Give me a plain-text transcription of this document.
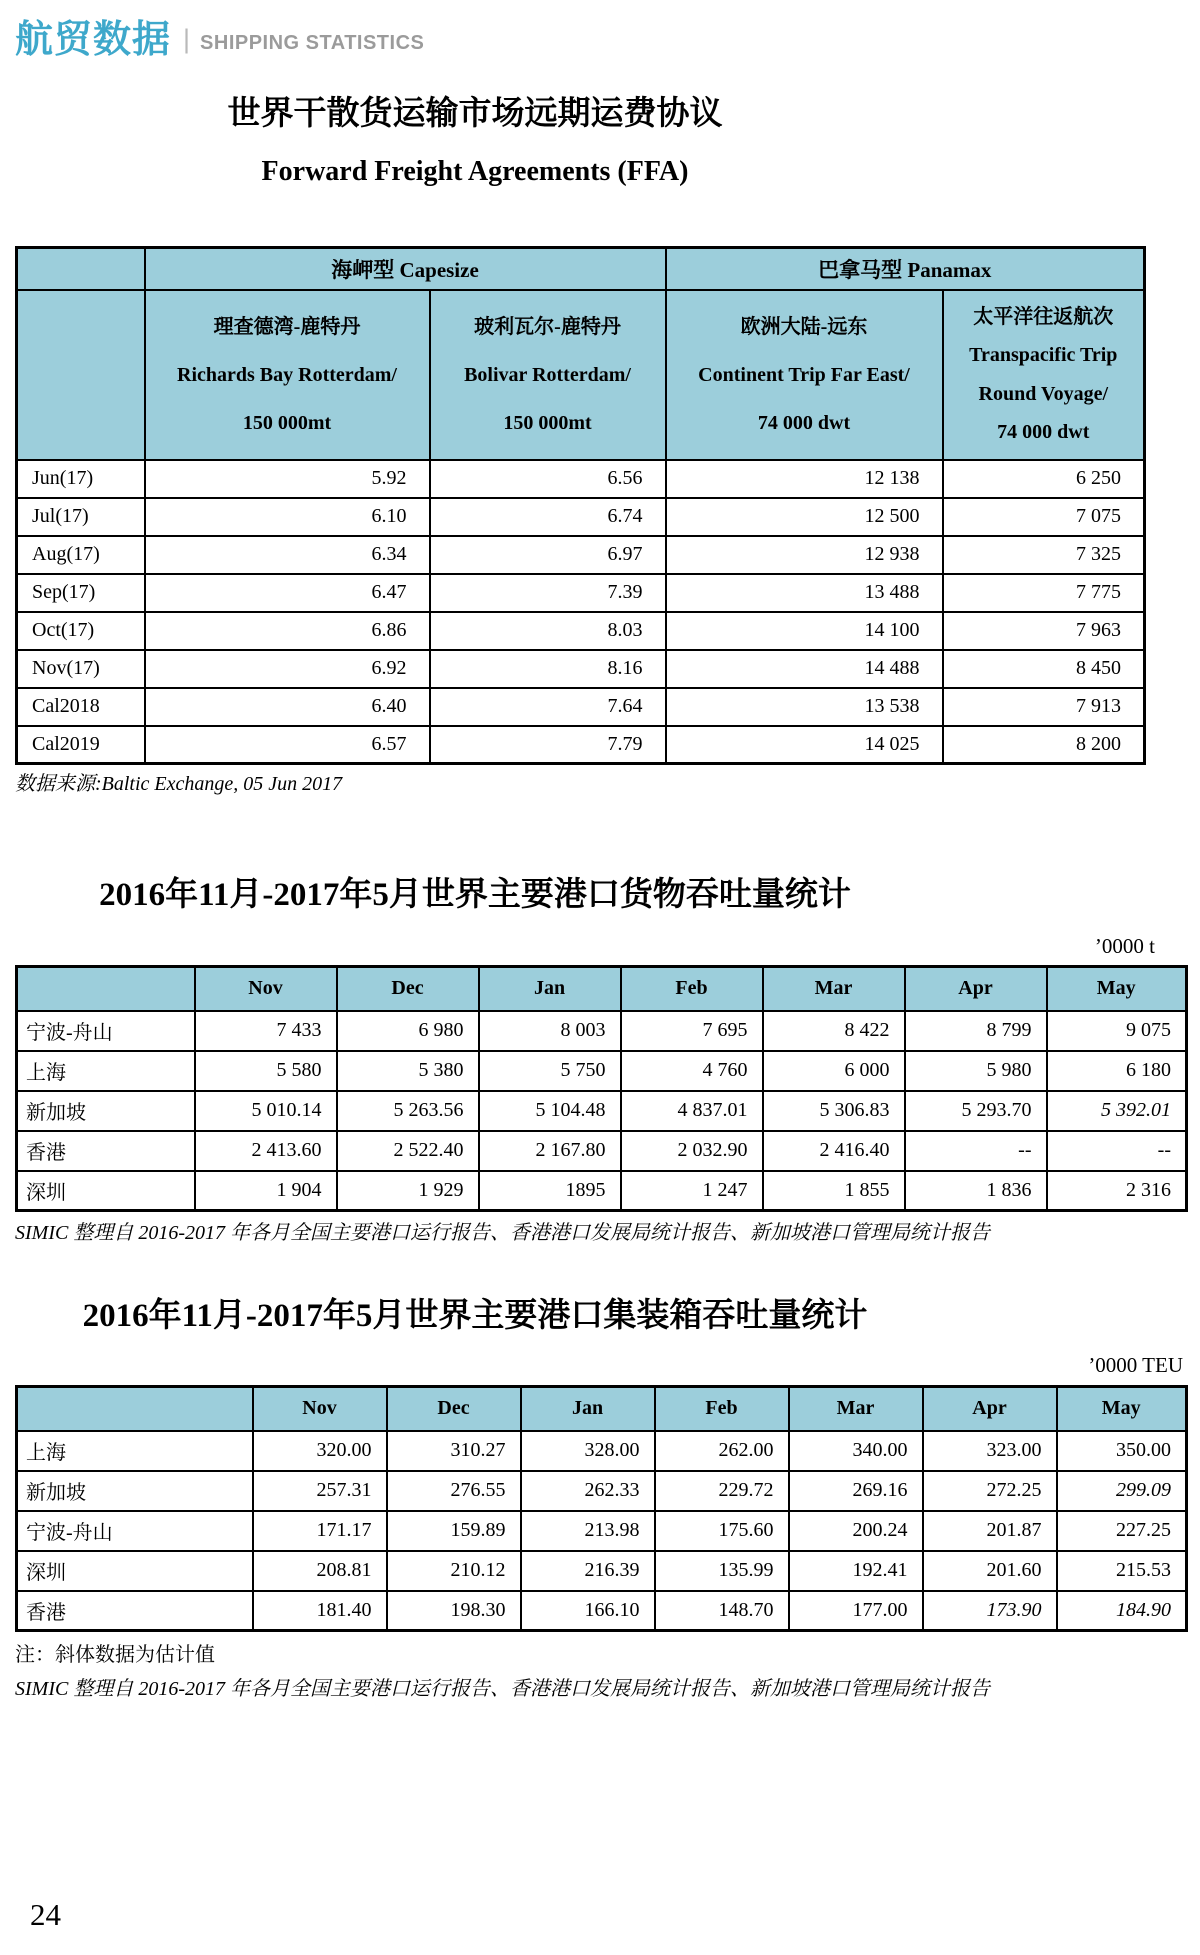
航贸数据 | SHIPPING STATISTICS
世界干散货运输市场远期运费协议
Forward Freight Agreements (FFA)
	海岬型 Capesize		巴拿马型 Panamax	

理查德湾-鹿特丹
Richards Bay Rotterdam/
150 000mt

玻利瓦尔-鹿特丹
Bolivar Rotterdam/
150 000mt

欧洲大陆-远东
Continent Trip Far East/
74 000 dwt

太平洋往返航次
Transpacific Trip
Round Voyage/
74 000 dwt

Jun(17)	5.92	6.56	12 138	6 250
Jul(17)	6.10	6.74	12 500	7 075
Aug(17)	6.34	6.97	12 938	7 325
Sep(17)	6.47	7.39	13 488	7 775
Oct(17)	6.86	8.03	14 100	7 963
Nov(17)	6.92	8.16	14 488	8 450
Cal2018	6.40	7.64	13 538	7 913
Cal2019	6.57	7.79	14 025	8 200
数据来源:Baltic Exchange, 05 Jun 2017
2016年11月-2017年5月世界主要港口货物吞吐量统计
’0000 t
	Nov	Dec	Jan	Feb	Mar	Apr	May
宁波-舟山	7 433	6 980	8 003	7 695	8 422	8 799	9 075
上海	5 580	5 380	5 750	4 760	6 000	5 980	6 180
新加坡	5 010.14	5 263.56	5 104.48	4 837.01	5 306.83	5 293.70	5 392.01
香港	2 413.60	2 522.40	2 167.80	2 032.90	2 416.40	--	--
深圳	1 904	1 929	1895	1 247	1 855	1 836	2 316
SIMIC 整理自 2016-2017 年各月全国主要港口运行报告、香港港口发展局统计报告、新加坡港口管理局统计报告
2016年11月-2017年5月世界主要港口集装箱吞吐量统计
’0000 TEU
	Nov	Dec	Jan	Feb	Mar	Apr	May
上海	320.00	310.27	328.00	262.00	340.00	323.00	350.00
新加坡	257.31	276.55	262.33	229.72	269.16	272.25	299.09
宁波-舟山	171.17	159.89	213.98	175.60	200.24	201.87	227.25
深圳	208.81	210.12	216.39	135.99	192.41	201.60	215.53
香港	181.40	198.30	166.10	148.70	177.00	173.90	184.90
注：斜体数据为估计值
SIMIC 整理自 2016-2017 年各月全国主要港口运行报告、香港港口发展局统计报告、新加坡港口管理局统计报告
24
